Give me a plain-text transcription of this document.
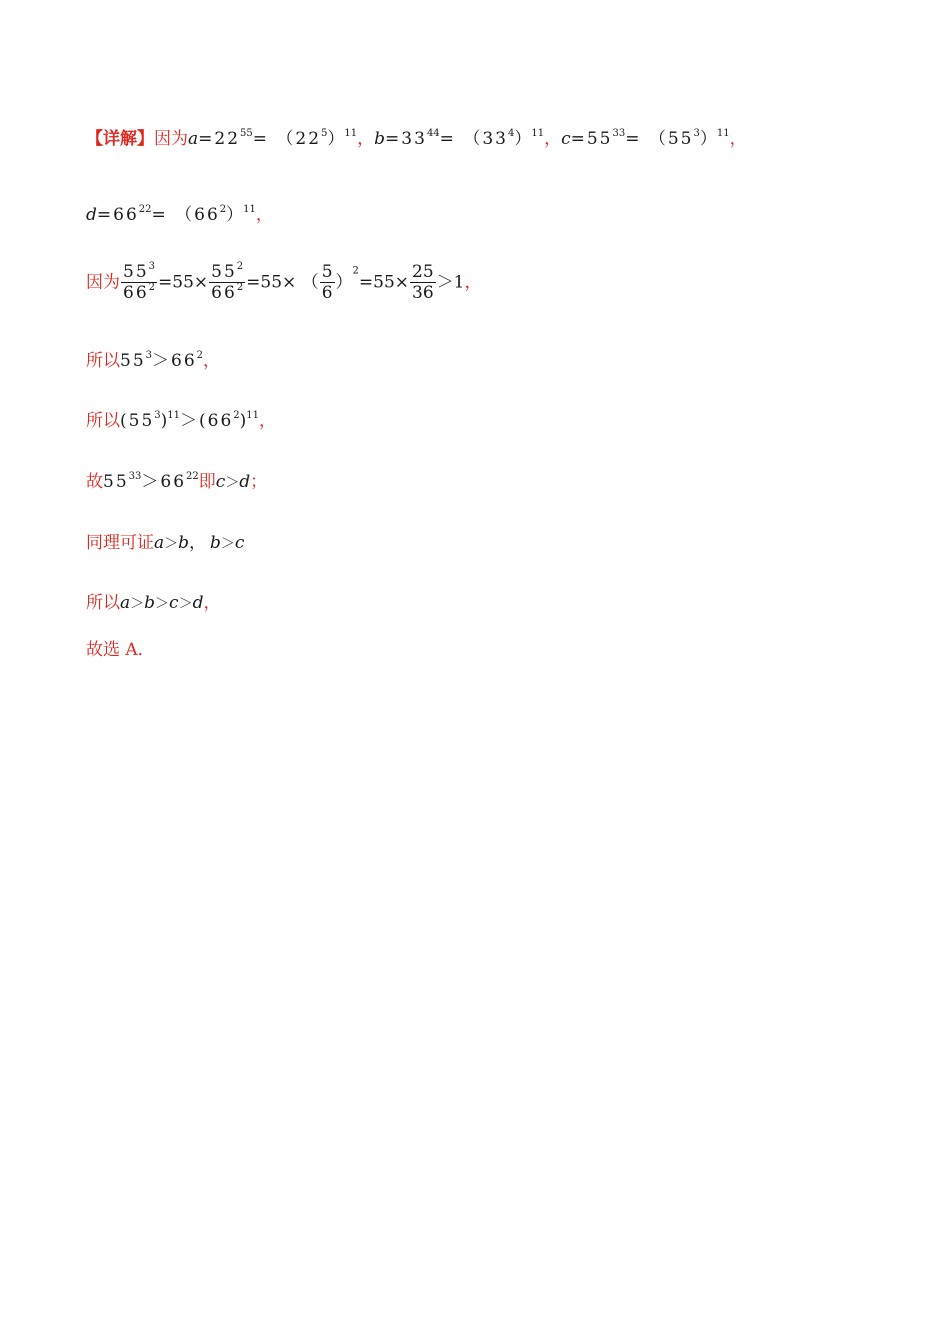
【详解】因为$a=22^{55}= (22^5)^{11}$，$b=33^{44}= (33^4)^{11}$，$c=55^{33}= (55^3)^{11}$，
$d=66^{22}= (66^2)^{11}$，
因为 $\frac{55^3}{66^2} =55\times \frac{55^2}{66^2} =55\times$ （ $\frac{5}{6} )^2=55\times \frac{25}{36} >1$，
所以$55^3>66^2$，
所以$(55^3)^{11}>(66^2)^{11}$，
故$55^{33}>66^{22}$即c＞d；
同理可证a＞b， b＞c
所以a＞b＞c＞d，
故选 A．
